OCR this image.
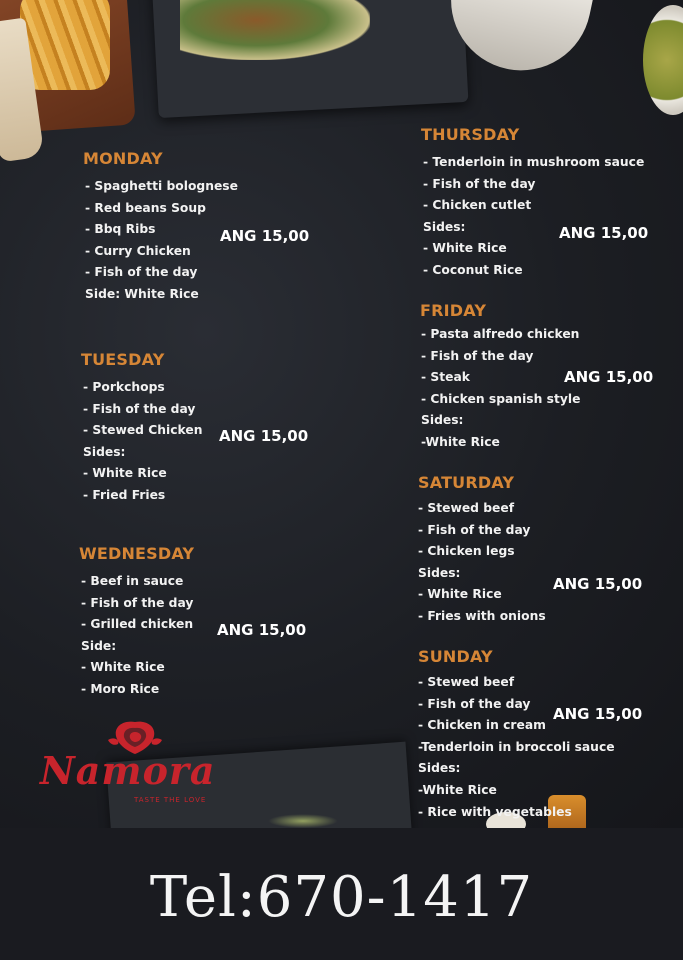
MONDAY
- Spaghetti bolognese
- Red beans Soup
- Bbq Ribs
- Curry Chicken
- Fish of the day
Side: White Rice
ANG 15,00
TUESDAY
- Porkchops
- Fish of the day
- Stewed Chicken
Sides:
- White Rice
- Fried Fries
ANG 15,00
WEDNESDAY
- Beef in sauce
- Fish of the day
- Grilled chicken
Side:
- White Rice
- Moro Rice
ANG 15,00
THURSDAY
- Tenderloin in mushroom sauce
- Fish of the day
- Chicken cutlet
Sides:
- White Rice
- Coconut Rice
ANG 15,00
FRIDAY
- Pasta alfredo chicken
- Fish of the day
- Steak
- Chicken spanish style
Sides:
-White Rice
ANG 15,00
SATURDAY
- Stewed beef
- Fish of the day
- Chicken legs
Sides:
- White Rice
- Fries with onions
ANG 15,00
SUNDAY
- Stewed beef
- Fish of the day
- Chicken in cream
-Tenderloin in broccoli sauce
Sides:
-White Rice
- Rice with vegetables
ANG 15,00
Namora
TASTE THE LOVE
Tel:670-1417
